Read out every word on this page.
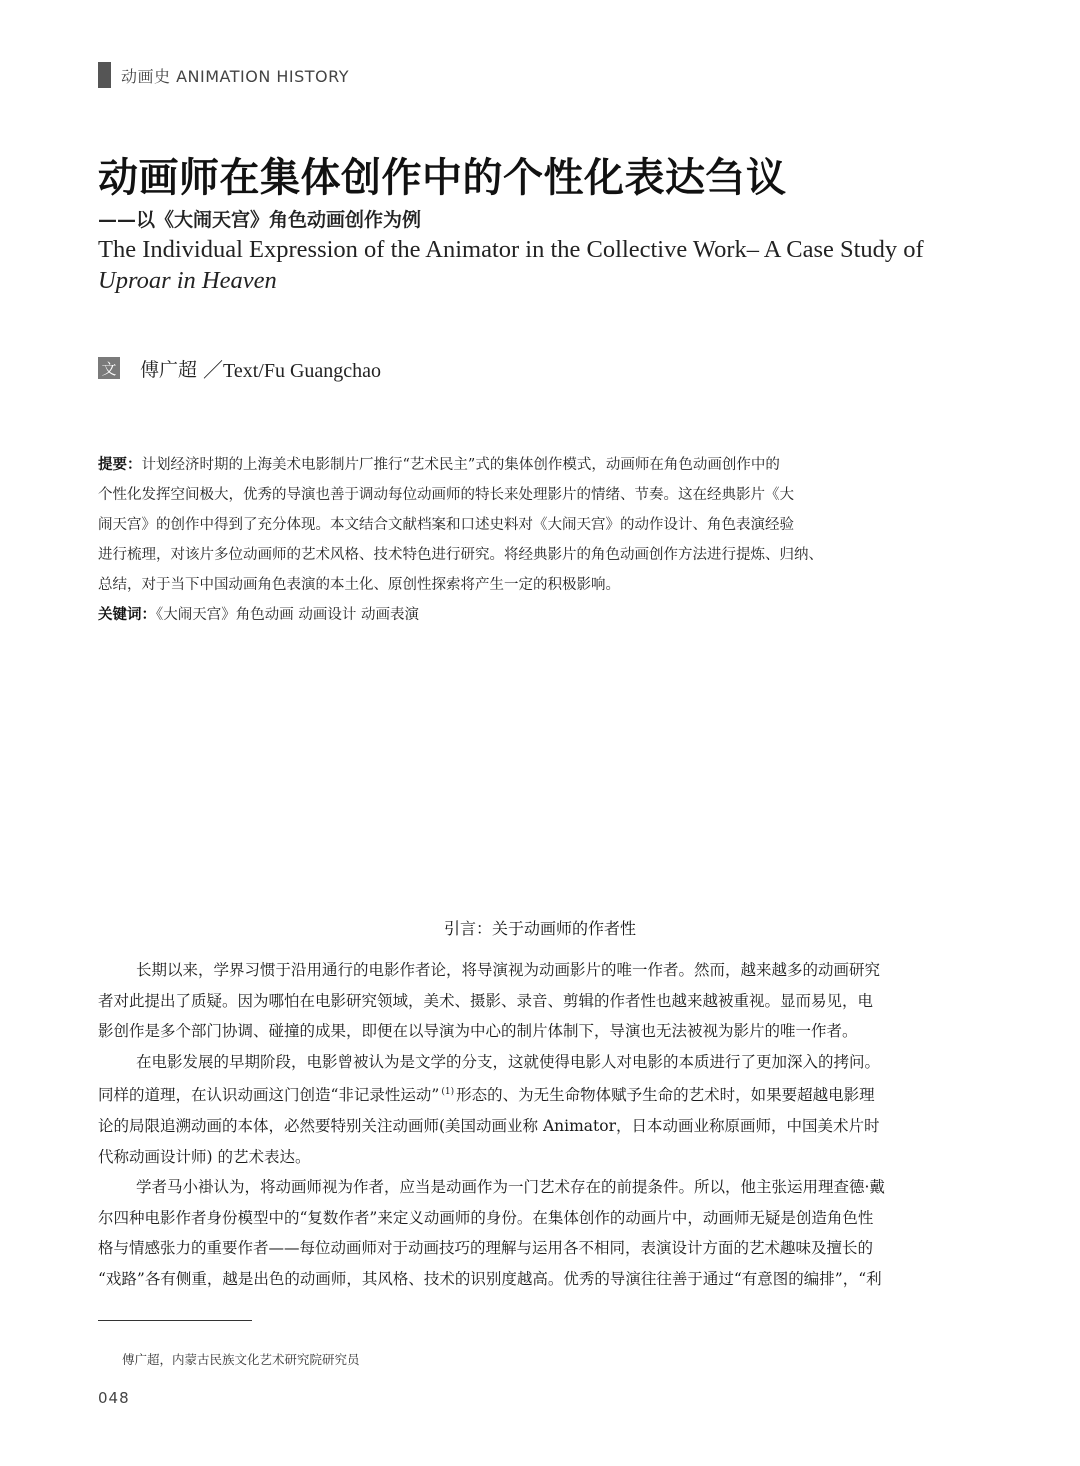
动画史 ANIMATION HISTORY
动画师在集体创作中的个性化表达刍议
——以《大闹天宫》角色动画创作为例
The Individual Expression of the Animator in the Collective Work– A Case Study of
Uproar in Heaven
文 傅广超 ／Text/Fu Guangchao

提要：计划经济时期的上海美术电影制片厂推行“艺术民主”式的集体创作模式，动画师在角色动画创作中的

个性化发挥空间极大，优秀的导演也善于调动每位动画师的特长来处理影片的情绪、节奏。这在经典影片《大

闹天宫》的创作中得到了充分体现。本文结合文献档案和口述史料对《大闹天宫》的动作设计、角色表演经验

进行梳理，对该片多位动画师的艺术风格、技术特色进行研究。将经典影片的角色动画创作方法进行提炼、归纳、

总结，对于当下中国动画角色表演的本土化、原创性探索将产生一定的积极影响。

关键词：《大闹天宫》角色动画 动画设计 动画表演

引言：关于动画师的作者性

长期以来，学界习惯于沿用通行的电影作者论，将导演视为动画影片的唯一作者。然而，越来越多的动画研究

者对此提出了质疑。因为哪怕在电影研究领域，美术、摄影、录音、剪辑的作者性也越来越被重视。显而易见，电

影创作是多个部门协调、碰撞的成果，即便在以导演为中心的制片体制下，导演也无法被视为影片的唯一作者。

在电影发展的早期阶段，电影曾被认为是文学的分支，这就使得电影人对电影的本质进行了更加深入的拷问。

同样的道理，在认识动画这门创造“非记录性运动” $^{(1)}$ 形态的、为无生命物体赋予生命的艺术时，如果要超越电影理

论的局限追溯动画的本体，必然要特别关注动画师(美国动画业称 Animator，日本动画业称原画师，中国美术片时

代称动画设计师) 的艺术表达。

学者马小褂认为，将动画师视为作者，应当是动画作为一门艺术存在的前提条件。所以，他主张运用理查德·戴

尔四种电影作者身份模型中的“复数作者”来定义动画师的身份。在集体创作的动画片中，动画师无疑是创造角色性

格与情感张力的重要作者——每位动画师对于动画技巧的理解与运用各不相同，表演设计方面的艺术趣味及擅长的

“戏路”各有侧重，越是出色的动画师，其风格、技术的识别度越高。优秀的导演往往善于通过“有意图的编排”，“利

傅广超，内蒙古民族文化艺术研究院研究员

048
